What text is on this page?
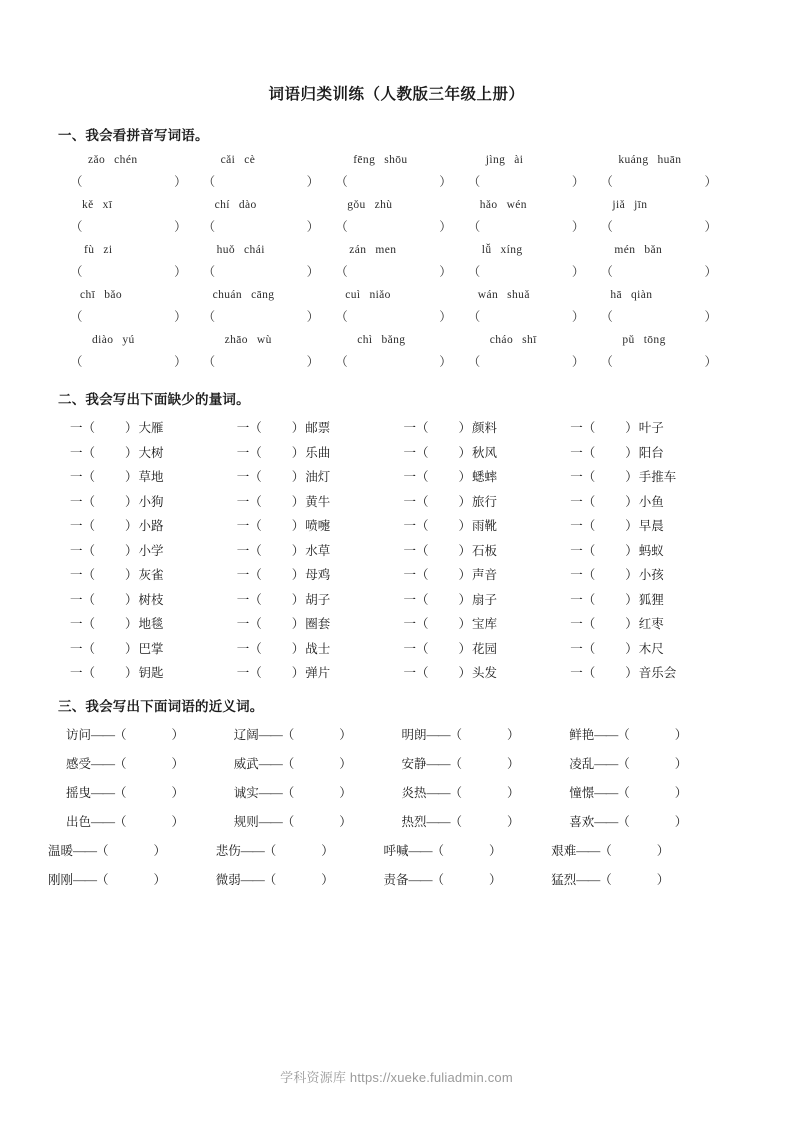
词语归类训练（人教版三年级上册）
一、我会看拼音写词语。
zǎo chén	cǎi cè	fēng shōu	jìng ài	kuáng huān
（	） （	） （	） （	） （	）
kě xī	chí dào	gǒu zhù	hǎo wén	jiǎ jīn
（	） （	） （	） （	） （	）
fù zi	huǒ chái	zán men	lǚ xíng	mén bǎn
（	） （	） （	） （	） （	）
chī bǎo	chuán cāng	cuì niǎo	wán shuǎ	hā qiàn
（	） （	） （	） （	） （	）
diào yú	zhāo wù	chì bǎng	cháo shī	pǔ tōng
（	） （	） （	） （	） （	）
二、我会写出下面缺少的量词。
一（ ）大雁	一（ ）邮票	一（ ）颜料	一（ ）叶子
一（ ）大树	一（ ）乐曲	一（ ）秋风	一（ ）阳台
一（ ）草地	一（ ）油灯	一（ ）蟋蟀	一（ ）手推车
一（ ）小狗	一（ ）黄牛	一（ ）旅行	一（ ）小鱼
一（ ）小路	一（ ）喷嚏	一（ ）雨靴	一（ ）早晨
一（ ）小学	一（ ）水草	一（ ）石板	一（ ）蚂蚁
一（ ）灰雀	一（ ）母鸡	一（ ）声音	一（ ）小孩
一（ ）树枝	一（ ）胡子	一（ ）扇子	一（ ）狐狸
一（ ）地毯	一（ ）圈套	一（ ）宝库	一（ ）红枣
一（ ）巴掌	一（ ）战士	一（ ）花园	一（ ）木尺
一（ ）钥匙	一（ ）弹片	一（ ）头发	一（ ）音乐会
三、我会写出下面词语的近义词。
访问——（	）	辽阔——（	）	明朗——（	）	鲜艳——（	）
感受——（	）	威武——（	）	安静——（	）	凌乱——（	）
摇曳——（	）	诚实——（	）	炎热——（	）	憧憬——（	）
出色——（	）	规则——（	）	热烈——（	）	喜欢——（	）
温暖——（	）	悲伤——（	）	呼喊——（	）	艰难——（	）
刚刚——（	）	微弱——（	）	责备——（	）	猛烈——（	）
学科资源库 https://xueke.fuliadmin.com
